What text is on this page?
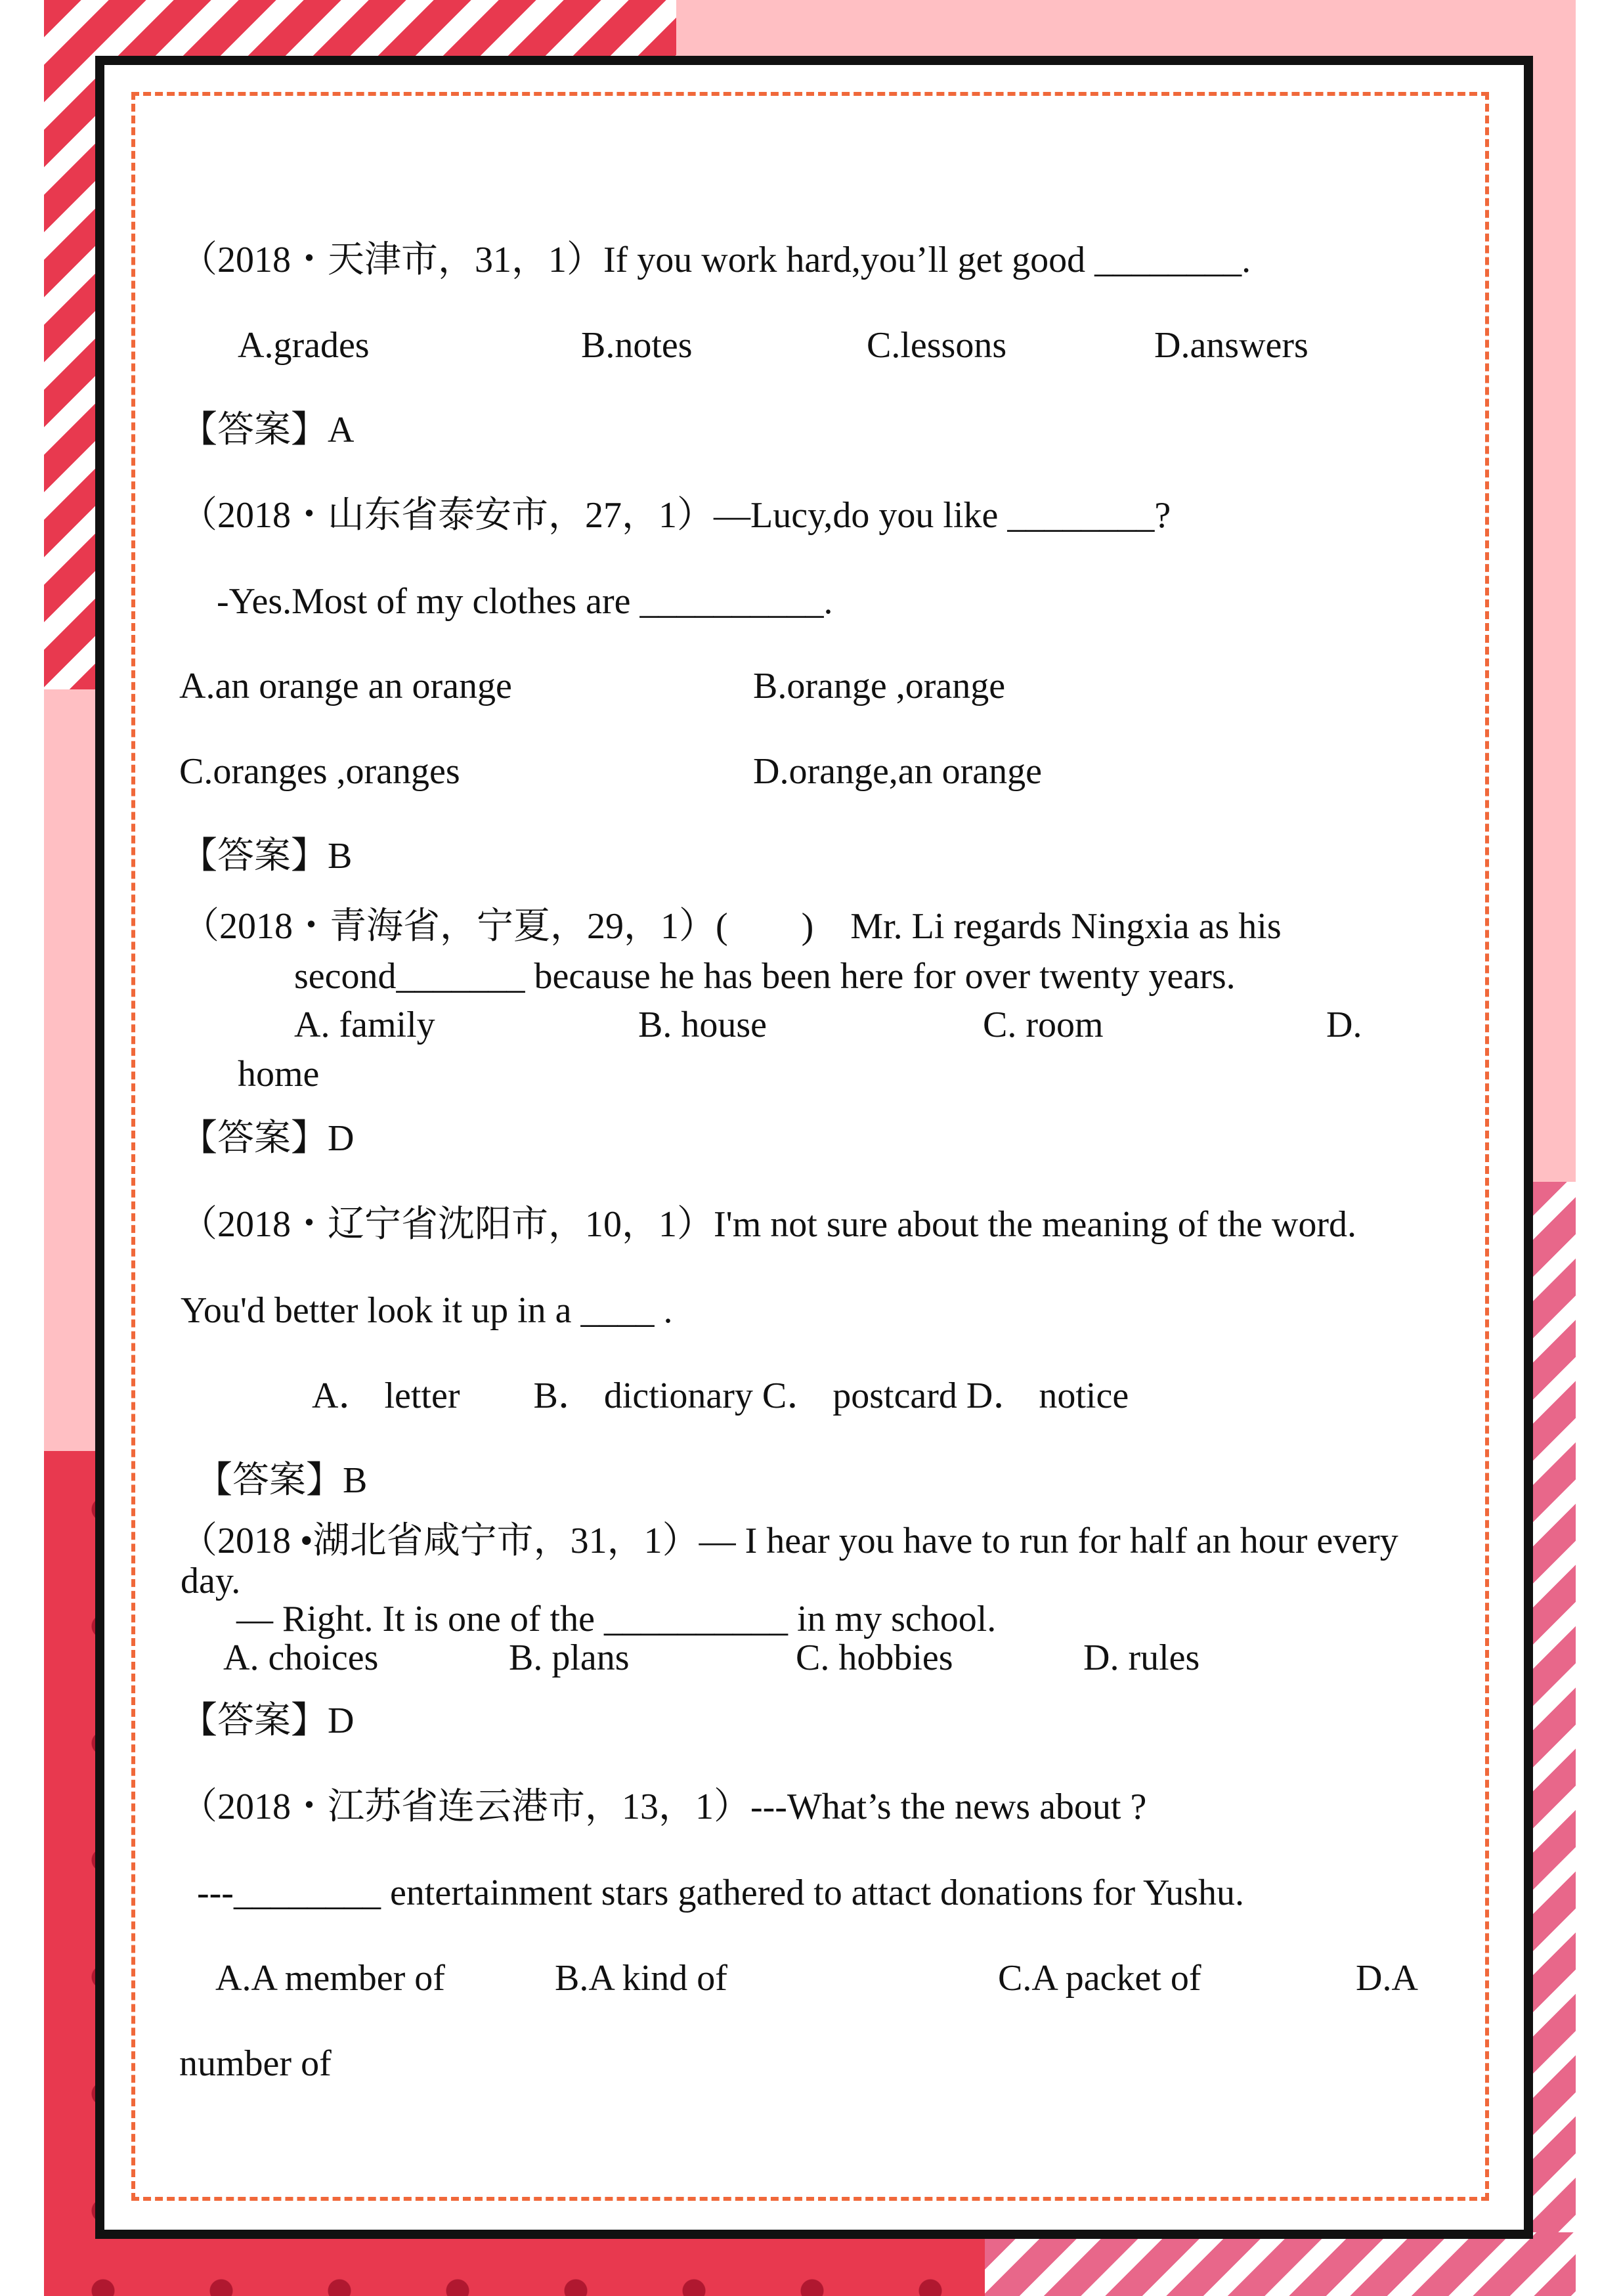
（2018・天津市，31，1）If you work hard,you’ll get good ________.
A.grades	B.notes	C.lessons	D.answers
【答案】A
（2018・山东省泰安市，27，1）—Lucy,do you like ________?
-Yes.Most of my clothes are __________.
A.an orange an orange	B.orange ,orange
C.oranges ,oranges	D.orange,an orange
【答案】B
（2018・青海省，宁夏，29，1）(　　)　Mr. Li regards Ningxia as his
second_______ because he has been here for over twenty years.
A. family	B. house	C. room	D.
home
【答案】D
（2018・辽宁省沈阳市，10，1）I'm not sure about the meaning of the word.
You'd better look it up in a ____ .
A． letter　　B． dictionary C． postcard D． notice
【答案】B
（2018 •湖北省咸宁市，31，1）— I hear you have to run for half an hour every
day.
— Right. It is one of the __________ in my school.
A. choices	B. plans	C. hobbies	D. rules
【答案】D
（2018・江苏省连云港市，13，1）---What’s the news about ?
---________ entertainment stars gathered to attact donations for Yushu.
A.A member of	B.A kind of	C.A packet of	D.A
number of
